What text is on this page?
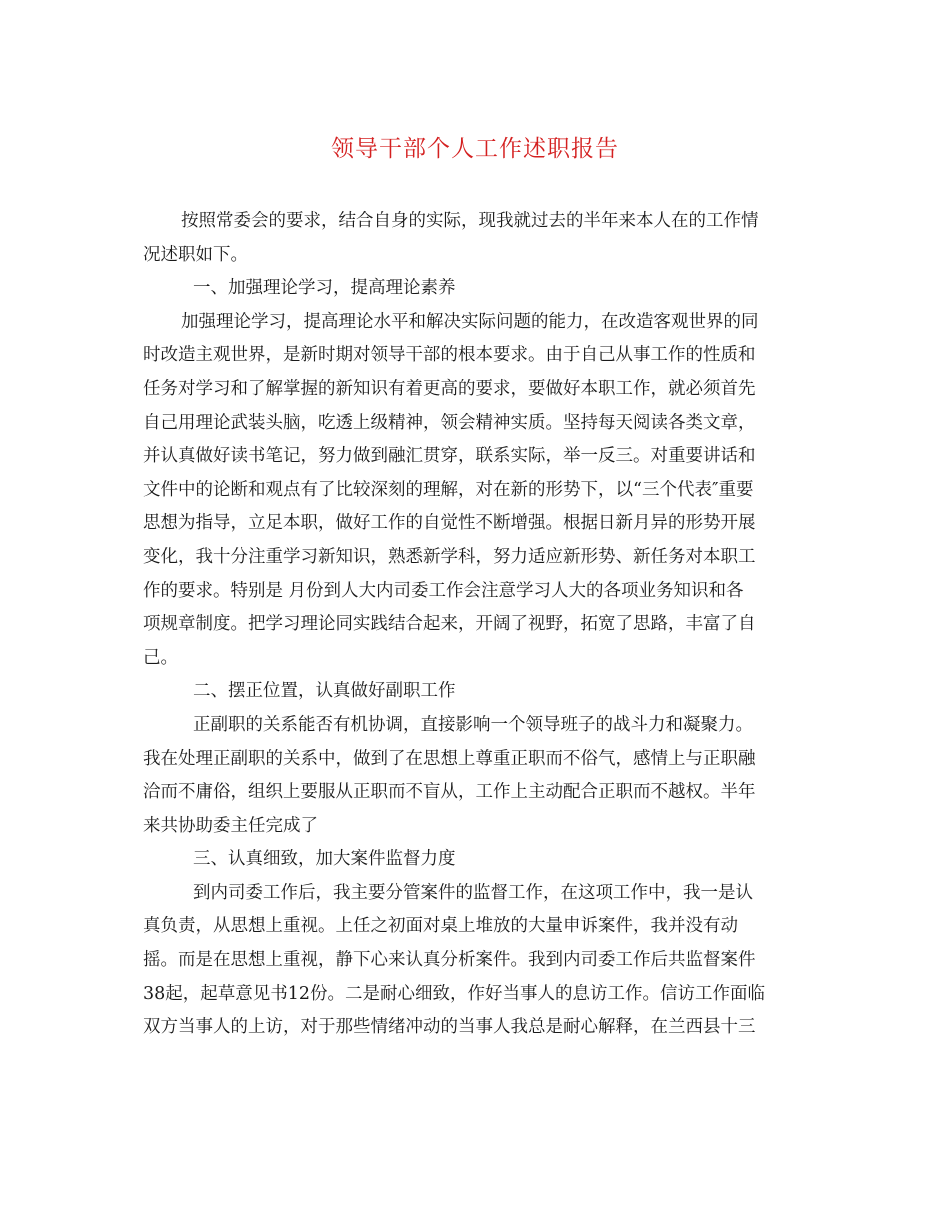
领导干部个人工作述职报告
按照常委会的要求，结合自身的实际，现我就过去的半年来本人在的工作情
况述职如下。
一、加强理论学习，提高理论素养
加强理论学习，提高理论水平和解决实际问题的能力，在改造客观世界的同
时改造主观世界，是新时期对领导干部的根本要求。由于自己从事工作的性质和
任务对学习和了解掌握的新知识有着更高的要求，要做好本职工作，就必须首先
自己用理论武装头脑，吃透上级精神，领会精神实质。坚持每天阅读各类文章，
并认真做好读书笔记，努力做到融汇贯穿，联系实际，举一反三。对重要讲话和
文件中的论断和观点有了比较深刻的理解，对在新的形势下，以“三个代表″重要
思想为指导，立足本职，做好工作的自觉性不断增强。根据日新月异的形势开展
变化，我十分注重学习新知识，熟悉新学科，努力适应新形势、新任务对本职工
作的要求。特别是 月份到人大内司委工作会注意学习人大的各项业务知识和各
项规章制度。把学习理论同实践结合起来，开阔了视野，拓宽了思路，丰富了自
己。
二、摆正位置，认真做好副职工作
正副职的关系能否有机协调，直接影响一个领导班子的战斗力和凝聚力。
我在处理正副职的关系中，做到了在思想上尊重正职而不俗气，感情上与正职融
洽而不庸俗，组织上要服从正职而不盲从，工作上主动配合正职而不越权。半年
来共协助委主任完成了
三、认真细致，加大案件监督力度
到内司委工作后，我主要分管案件的监督工作，在这项工作中，我一是认
真负责，从思想上重视。上任之初面对桌上堆放的大量申诉案件，我并没有动
摇。而是在思想上重视，静下心来认真分析案件。我到内司委工作后共监督案件
38起，起草意见书12份。二是耐心细致，作好当事人的息访工作。信访工作面临
双方当事人的上访，对于那些情绪冲动的当事人我总是耐心解释，在兰西县十三
